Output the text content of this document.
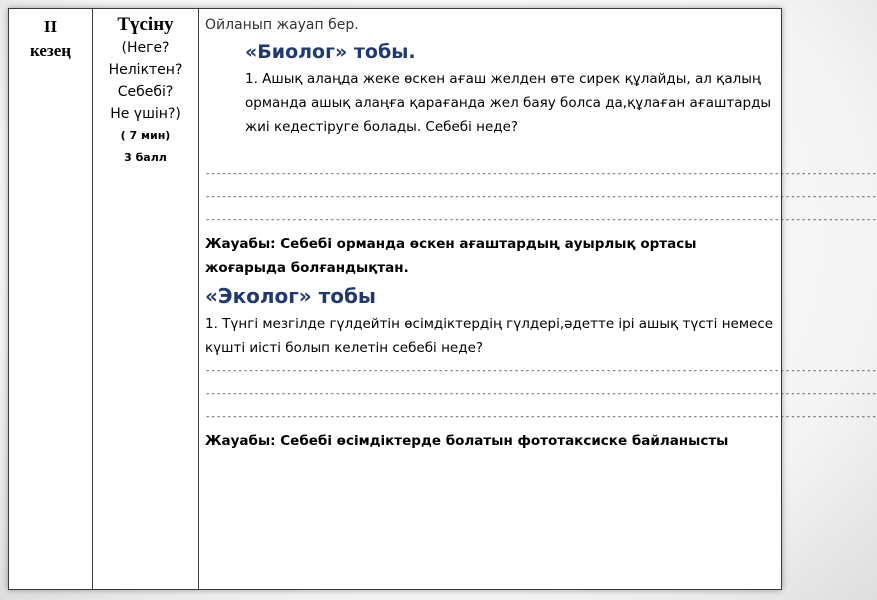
ІІ
кезең

Түсіну
(Неге?
Неліктен?
Себебі?
Не үшін?)
( 7 мин)
3 балл

Ойланып жауап бер.
«Биолог» тобы.
1. Ашық алаңда жеке өскен ағаш желден өте сирек құлайды, ал қалың орманда ашық алаңға қарағанда жел баяу болса да,құлаған ағаштарды жиі кедестіруге болады. Себебі неде?
----------------------------------------------------------------------------------------------------------------------------
----------------------------------------------------------------------------------------------------------------------------
----------------------------------------------------------------------------------------------------------------------------
Жауабы: Себебі орманда өскен ағаштардың ауырлық ортасы жоғарыда болғандықтан.
«Эколог» тобы
1. Түнгі мезгілде гүлдейтін өсімдіктердің гүлдері,әдетте ірі ашық түсті немесе күшті иісті болып келетін себебі неде?
----------------------------------------------------------------------------------------------------------------------------
----------------------------------------------------------------------------------------------------------------------------
----------------------------------------------------------------------------------------------------------------------------
Жауабы: Себебі өсімдіктерде болатын фототаксиске байланысты
